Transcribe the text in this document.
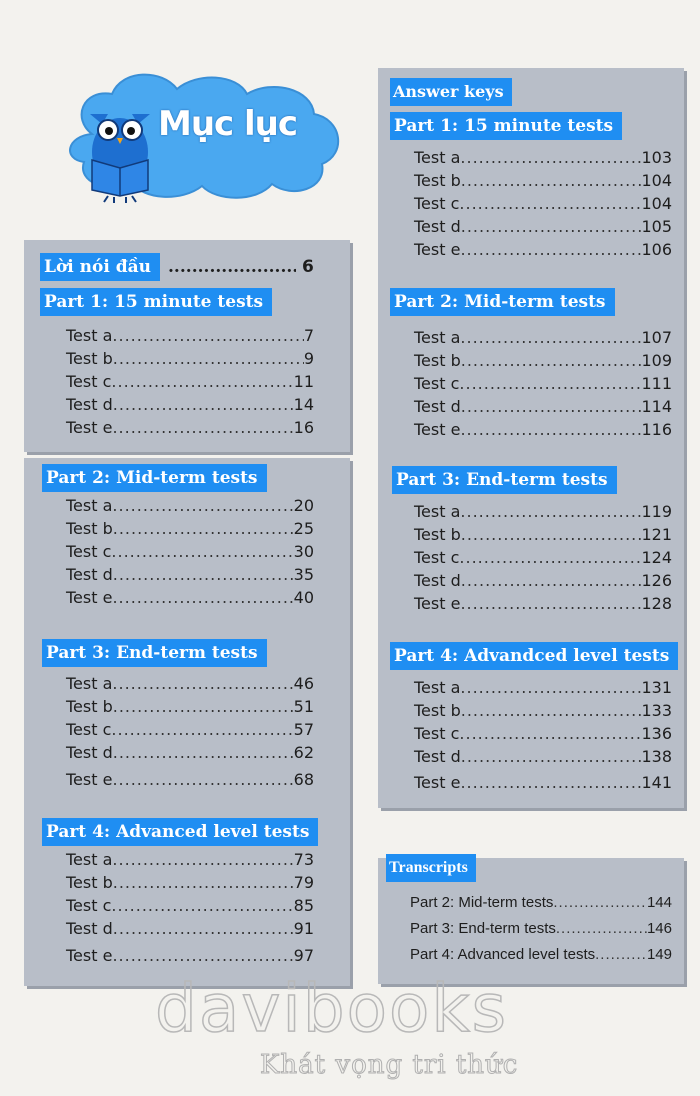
Mục lục
Lời nói đầu .....	6
Part 1: 15 minute tests
Test a .....	7
Test b .....	9
Test c .....	11
Test d .....	14
Test e .....	16
Part 2: Mid-term tests
Test a .....	20
Test b .....	25
Test c .....	30
Test d .....	35
Test e .....	40
Part 3: End-term tests
Test a .....	46
Test b .....	51
Test c .....	57
Test d .....	62
Test e .....	68
Part 4: Advanced level tests
Test a .....	73
Test b .....	79
Test c .....	85
Test d .....	91
Test e .....	97
Answer keys
Part 1: 15 minute tests
Test a .....	103
Test b .....	104
Test c .....	104
Test d .....	105
Test e .....	106
Part 2: Mid-term tests
Test a .....	107
Test b .....	109
Test c .....	111
Test d .....	114
Test e .....	116
Part 3: End-term tests
Test a .....	119
Test b .....	121
Test c .....	124
Test d .....	126
Test e .....	128
Part 4: Advandced level tests
Test a .....	131
Test b .....	133
Test c .....	136
Test d .....	138
Test e .....	141
Transcripts
Part 2: Mid-term tests .....	144
Part 3: End-term tests .....	146
Part 4: Advanced level tests .....	149
davibooks
Khát vọng tri thức
